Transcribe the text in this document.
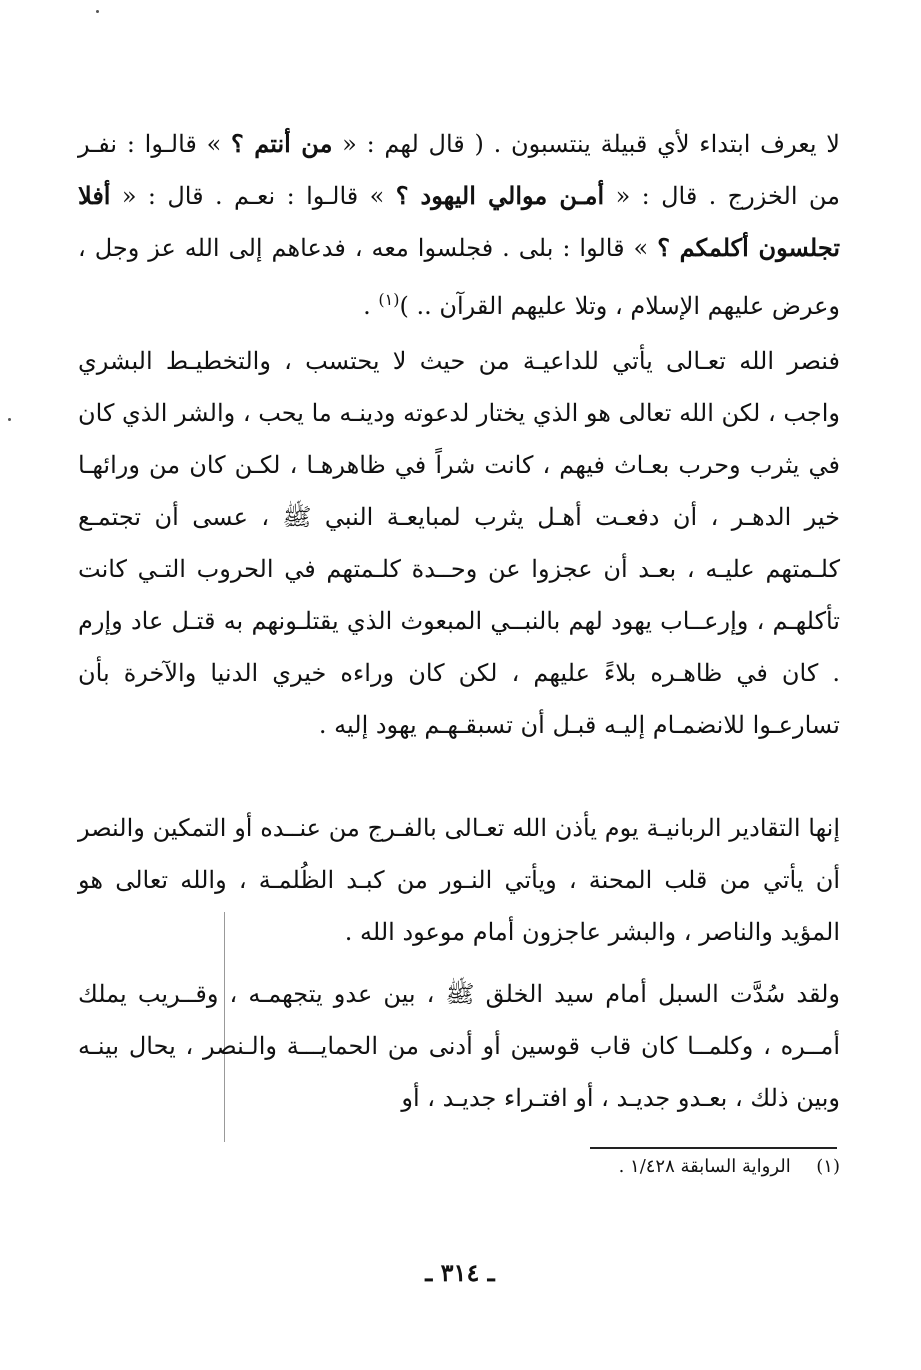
لا يعرف ابتداء لأي قبيلة ينتسبون . ( قال لهم : « من أنتم ؟ » قالـوا : نفـر من الخزرج . قال : « أمـن موالي اليهود ؟ » قالـوا : نعـم . قال : « أفلا تجلسون أكلمكم ؟ » قالوا : بلى . فجلسوا معه ، فدعاهم إلى الله عز وجل ، وعرض عليهم الإسلام ، وتلا عليهم القرآن .. )$^{(١)}$ .

فنصر الله تعـالى يأتي للداعيـة من حيث لا يحتسب ، والتخطيـط البشري واجب ، لكن الله تعالى هو الذي يختار لدعوته ودينـه ما يحب ، والشر الذي كان في يثرب وحرب بعـاث فيهم ، كانت شراً في ظاهرهـا ، لكـن كان من ورائهـا خير الدهـر ، أن دفعـت أهـل يثرب لمبايعـة النبي ﷺ ، عسى أن تجتمـع كلـمتهم عليـه ، بعـد أن عجزوا عن وحــدة كلـمتهم في الحروب التـي كانت تأكلهـم ، وإرعــاب يهود لهم بالنبــي المبعوث الذي يقتلـونهم به قتـل عاد وإرم . كان في ظاهـره بلاءً عليهم ، لكن كان وراءه خيري الدنيا والآخرة بأن تسارعـوا للانضمـام إليـه قبـل أن تسبقـهـم يهود إليه .

إنها التقادير الربانيـة يوم يأذن الله تعـالى بالفـرج من عنــده أو التمكين والنصر أن يأتي من قلب المحنة ، ويأتي النـور من كبـد الظُلمـة ، والله تعالى هو المؤيد والناصر ، والبشر عاجزون أمام موعود الله .

ولقد سُدَّت السبل أمام سيد الخلق ﷺ ، بين عدو يتجهمـه ، وقــريب يملك أمــره ، وكلمــا كان قاب قوسين أو أدنى من الحمايـــة والـنصر ، يحال بينـه وبين ذلك ، بعـدو جديـد ، أو افتـراء جديـد ، أو

(١)  الرواية السابقة ١/٤٢٨ .
ـ ٣١٤ ـ
